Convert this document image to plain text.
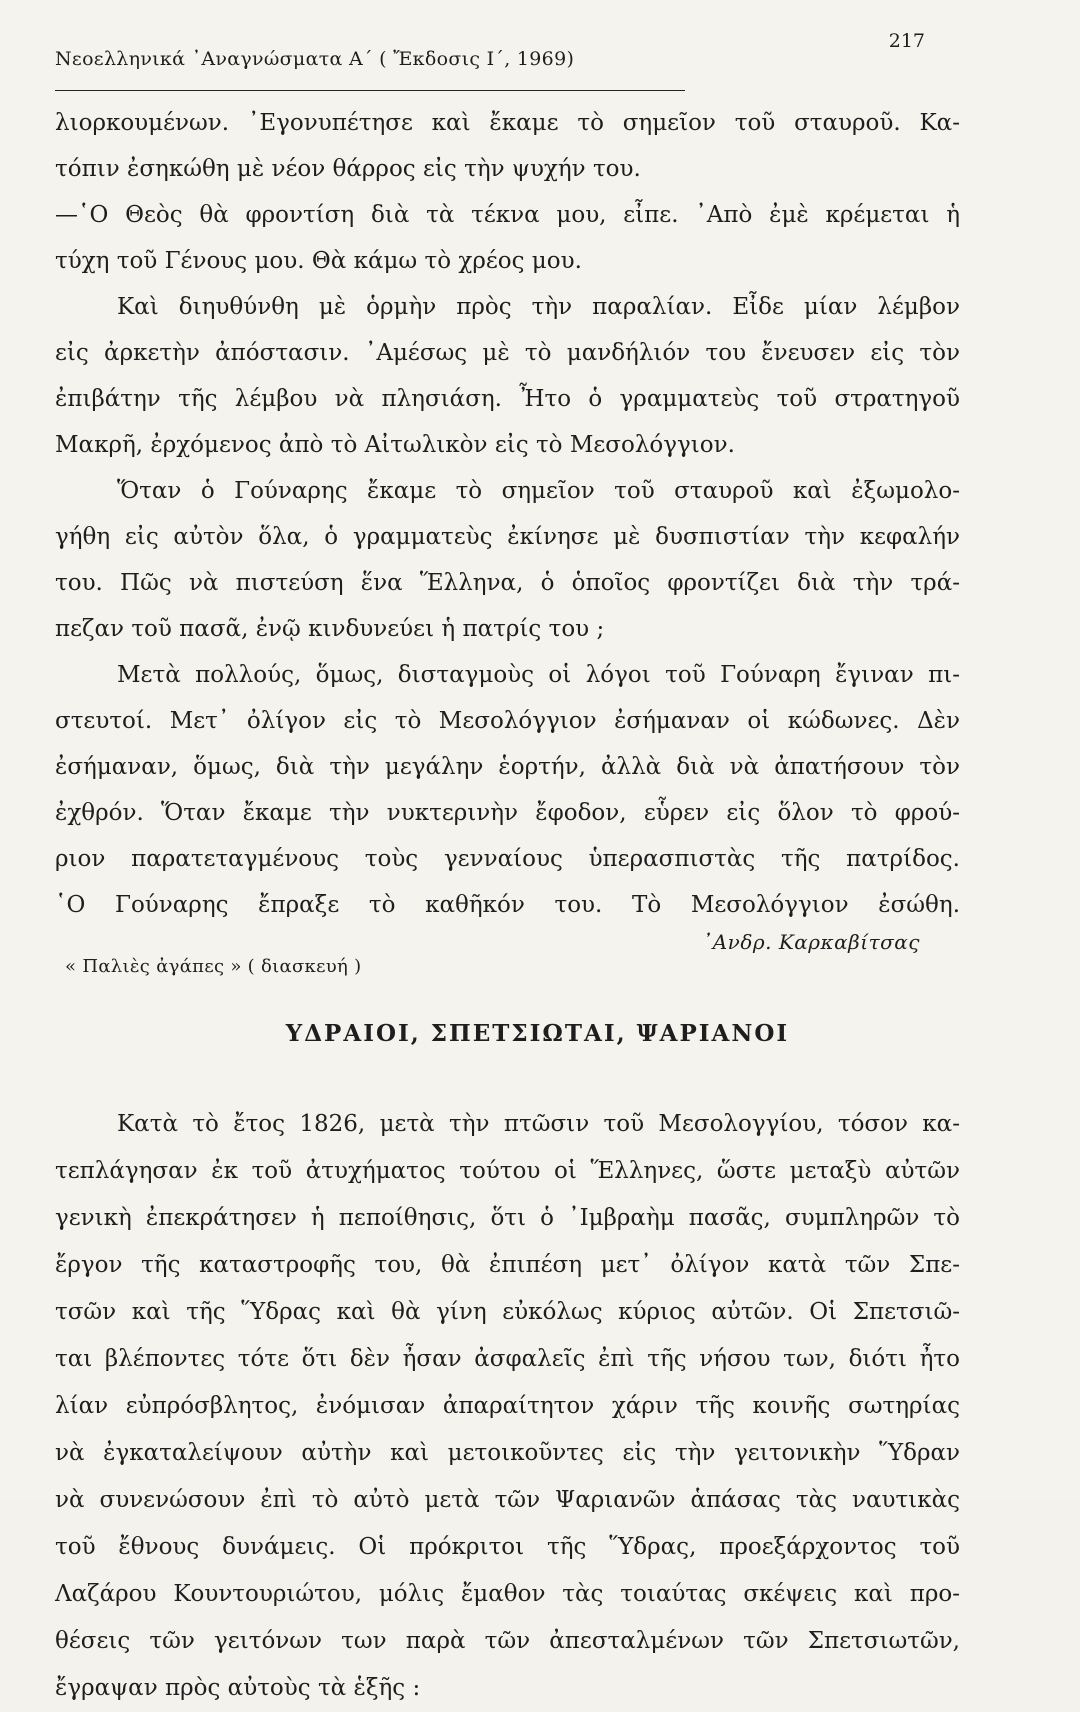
Νεοελληνικά ᾿Αναγνώσματα Α΄ ( Ἔκδοσις Ι΄, 1969)
217
λιορκουμένων. ᾿Εγονυπέτησε καὶ ἔκαμε τὸ σημεῖον τοῦ σταυροῦ. Κα-
τόπιν ἐσηκώθη μὲ νέον θάρρος εἰς τὴν ψυχήν του.
—῾Ο Θεὸς θὰ φροντίση διὰ τὰ τέκνα μου, εἶπε. ᾿Απὸ ἐμὲ κρέμεται ἡ
τύχη τοῦ Γένους μου. Θὰ κάμω τὸ χρέος μου.
Καὶ διηυθύνθη μὲ ὁρμὴν πρὸς τὴν παραλίαν. Εἶδε μίαν λέμβον
εἰς ἀρκετὴν ἀπόστασιν. ᾿Αμέσως μὲ τὸ μανδήλιόν του ἔνευσεν εἰς τὸν
ἐπιβάτην τῆς λέμβου νὰ πλησιάση. Ἦτο ὁ γραμματεὺς τοῦ στρατηγοῦ
Μακρῆ, ἐρχόμενος ἀπὸ τὸ Αἰτωλικὸν εἰς τὸ Μεσολόγγιον.
Ὅταν ὁ Γούναρης ἔκαμε τὸ σημεῖον τοῦ σταυροῦ καὶ ἐξωμολο-
γήθη εἰς αὐτὸν ὅλα, ὁ γραμματεὺς ἐκίνησε μὲ δυσπιστίαν τὴν κεφαλήν
του. Πῶς νὰ πιστεύση ἕνα Ἕλληνα, ὁ ὁποῖος φροντίζει διὰ τὴν τρά-
πεζαν τοῦ πασᾶ, ἐνῷ κινδυνεύει ἡ πατρίς του ;
Μετὰ πολλούς, ὅμως, δισταγμοὺς οἱ λόγοι τοῦ Γούναρη ἔγιναν πι-
στευτοί. Μετ᾿ ὀλίγον εἰς τὸ Μεσολόγγιον ἐσήμαναν οἱ κώδωνες. Δὲν
ἐσήμαναν, ὅμως, διὰ τὴν μεγάλην ἑορτήν, ἀλλὰ διὰ νὰ ἀπατήσουν τὸν
ἐχθρόν. Ὅταν ἔκαμε τὴν νυκτερινὴν ἔφοδον, εὗρεν εἰς ὅλον τὸ φρού-
ριον παρατεταγμένους τοὺς γενναίους ὑπερασπιστὰς τῆς πατρίδος.
῾Ο Γούναρης ἔπραξε τὸ καθῆκόν του. Τὸ Μεσολόγγιον ἐσώθη.
᾿Ανδρ. Καρκαβίτσας
« Παλιὲς ἀγάπες » ( διασκευή )
ΥΔΡΑΙΟΙ, ΣΠΕΤΣΙΩΤΑΙ, ΨΑΡΙΑΝΟΙ
Κατὰ τὸ ἔτος 1826, μετὰ τὴν πτῶσιν τοῦ Μεσολογγίου, τόσον κα-
τεπλάγησαν ἐκ τοῦ ἀτυχήματος τούτου οἱ Ἕλληνες, ὥστε μεταξὺ αὐτῶν
γενικὴ ἐπεκράτησεν ἡ πεποίθησις, ὅτι ὁ ᾿Ιμβραὴμ πασᾶς, συμπληρῶν τὸ
ἔργον τῆς καταστροφῆς του, θὰ ἐπιπέση μετ᾿ ὀλίγον κατὰ τῶν Σπε-
τσῶν καὶ τῆς Ὕδρας καὶ θὰ γίνη εὐκόλως κύριος αὐτῶν. Οἱ Σπετσιῶ-
ται βλέποντες τότε ὅτι δὲν ἦσαν ἀσφαλεῖς ἐπὶ τῆς νήσου των, διότι ἦτο
λίαν εὐπρόσβλητος, ἐνόμισαν ἀπαραίτητον χάριν τῆς κοινῆς σωτηρίας
νὰ ἐγκαταλείψουν αὐτὴν καὶ μετοικοῦντες εἰς τὴν γειτονικὴν Ὕδραν
νὰ συνενώσουν ἐπὶ τὸ αὐτὸ μετὰ τῶν Ψαριανῶν ἁπάσας τὰς ναυτικὰς
τοῦ ἔθνους δυνάμεις. Οἱ πρόκριτοι τῆς Ὕδρας, προεξάρχοντος τοῦ
Λαζάρου Κουντουριώτου, μόλις ἔμαθον τὰς τοιαύτας σκέψεις καὶ προ-
θέσεις τῶν γειτόνων των παρὰ τῶν ἀπεσταλμένων τῶν Σπετσιωτῶν,
ἔγραψαν πρὸς αὐτοὺς τὰ ἑξῆς :
